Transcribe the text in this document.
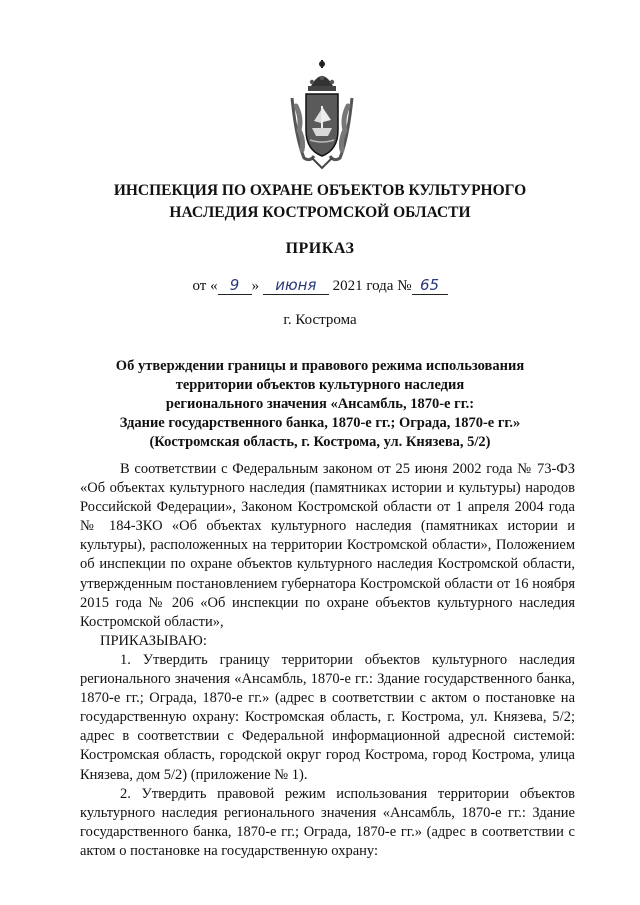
ИНСПЕКЦИЯ ПО ОХРАНЕ ОБЪЕКТОВ КУЛЬТУРНОГО
НАСЛЕДИЯ КОСТРОМСКОЙ ОБЛАСТИ
ПРИКАЗ
от « 9 » июня 2021 года № 65
г. Кострома
Об утверждении границы и правового режима использования
территории объектов культурного наследия
регионального значения «Ансамбль, 1870-е гг.:
Здание государственного банка, 1870-е гг.; Ограда, 1870-е гг.»
(Костромская область, г. Кострома, ул. Князева, 5/2)

В соответствии с Федеральным законом от 25 июня 2002 года № 73-ФЗ «Об объектах культурного наследия (памятниках истории и культуры) народов Российской Федерации», Законом Костромской области от 1 апреля 2004 года № 184-ЗКО «Об объектах культурного наследия (памятниках истории и культуры), расположенных на территории Костромской области», Положением об инспекции по охране объектов культурного наследия Костромской области, утвержденным постановлением губернатора Костромской области от 16 ноября 2015 года № 206 «Об инспекции по охране объектов культурного наследия Костромской области»,

ПРИКАЗЫВАЮ:

1. Утвердить границу территории объектов культурного наследия регионального значения «Ансамбль, 1870-е гг.: Здание государственного банка, 1870-е гг.; Ограда, 1870-е гг.» (адрес в соответствии с актом о постановке на государственную охрану: Костромская область, г. Кострома, ул. Князева, 5/2; адрес в соответствии с Федеральной информационной адресной системой: Костромская область, городской округ город Кострома, город Кострома, улица Князева, дом 5/2) (приложение № 1).

2. Утвердить правовой режим использования территории объектов культурного наследия регионального значения «Ансамбль, 1870-е гг.: Здание государственного банка, 1870-е гг.; Ограда, 1870-е гг.» (адрес в соответствии с актом о постановке на государственную охрану:
